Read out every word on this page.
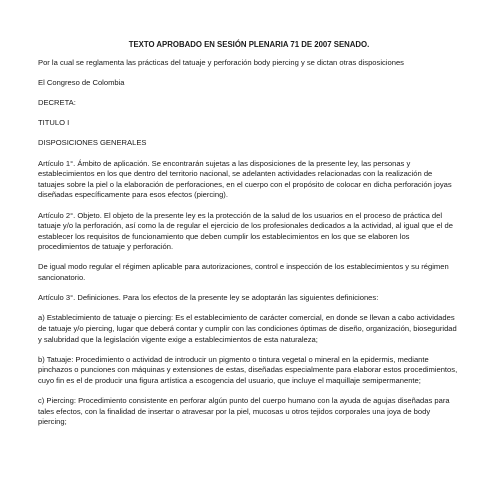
TEXTO APROBADO EN SESIÓN PLENARIA 71 DE 2007 SENADO.

Por la cual se reglamenta las prácticas del tatuaje y perforación body piercing y se dictan otras disposiciones

El Congreso de Colombia

DECRETA:

TITULO I

DISPOSICIONES GENERALES

Artículo 1°. Ámbito de aplicación. Se encontrarán sujetas a las disposiciones de la presente ley, las personas y establecimientos en los que dentro del territorio nacional, se adelanten actividades relacionadas con la realización de tatuajes sobre la piel o la elaboración de perforaciones, en el cuerpo con el propósito de colocar en dicha perforación joyas diseñadas específicamente para esos efectos (piercing).

Artículo 2°. Objeto. El objeto de la presente ley es la protección de la salud de los usuarios en el proceso de práctica del tatuaje y/o la perforación, así como la de regular el ejercicio de los profesionales dedicados a la actividad, al igual que el de establecer los requisitos de funcionamiento que deben cumplir los establecimientos en los que se elaboren los procedimientos de tatuaje y perforación.

De igual modo regular el régimen aplicable para autorizaciones, control e inspección de los establecimientos y su régimen sancionatorio.

Artículo 3°. Definiciones. Para los efectos de la presente ley se adoptarán las siguientes definiciones:

a) Establecimiento de tatuaje o piercing: Es el establecimiento de carácter comercial, en donde se llevan a cabo actividades de tatuaje y/o piercing, lugar que deberá contar y cumplir con las condiciones óptimas de diseño, organización, bioseguridad y salubridad que la legislación vigente exige a establecimientos de esta naturaleza;

b) Tatuaje: Procedimiento o actividad de introducir un pigmento o tintura vegetal o mineral en la epidermis, mediante pinchazos o punciones con máquinas y extensiones de estas, diseñadas especialmente para elaborar estos procedimientos, cuyo fin es el de producir una figura artística a escogencia del usuario, que incluye el maquillaje semipermanente;

c) Piercing: Procedimiento consistente en perforar algún punto del cuerpo humano con la ayuda de agujas diseñadas para tales efectos, con la finalidad de insertar o atravesar por la piel, mucosas u otros tejidos corporales una joya de body piercing;
